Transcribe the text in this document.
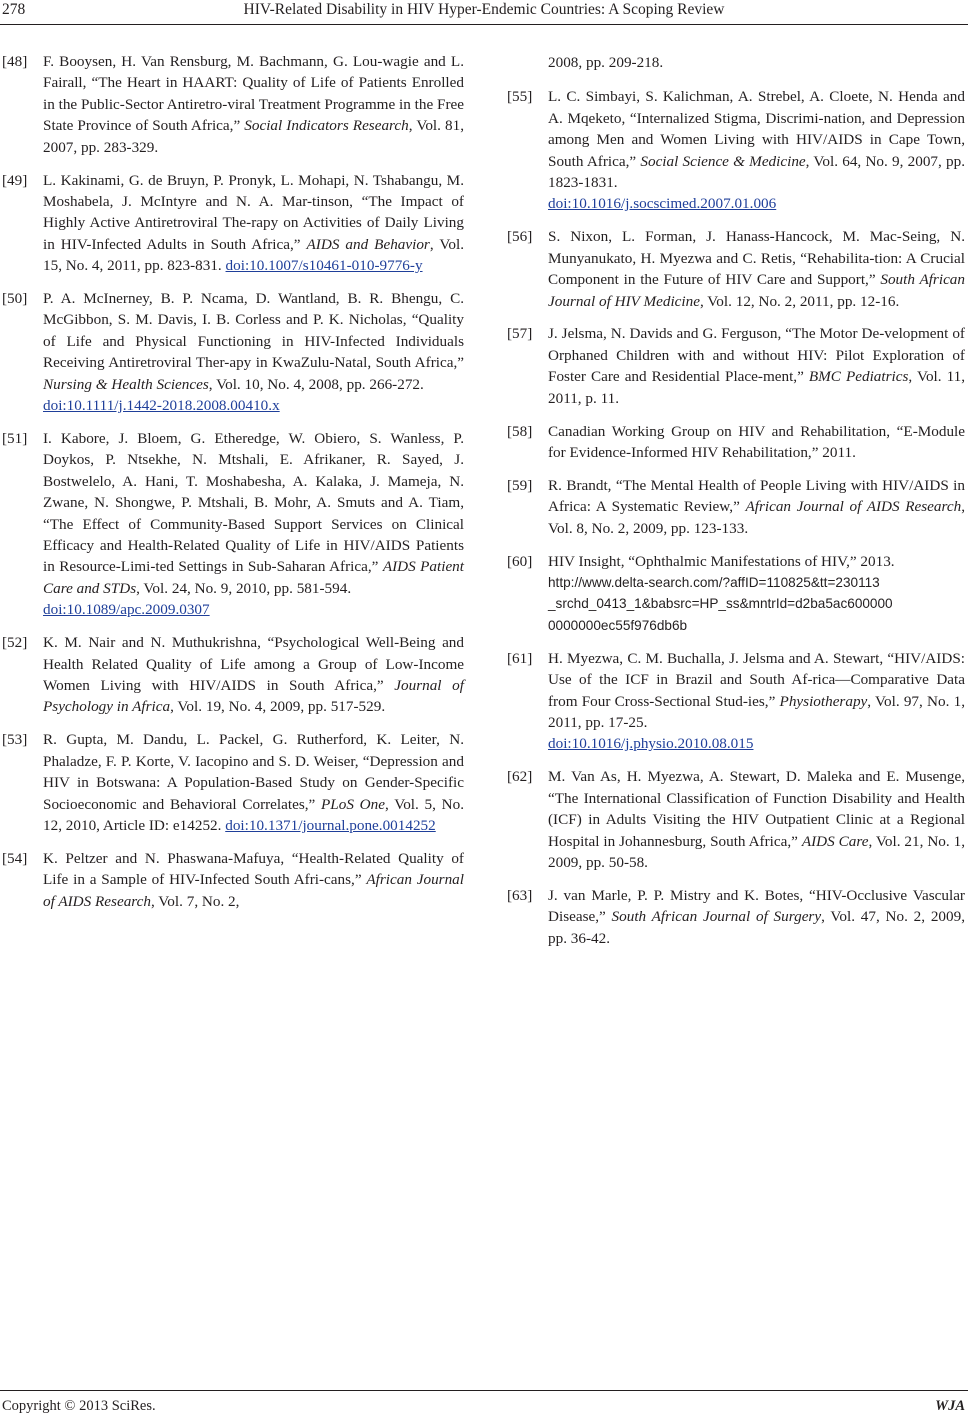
278	HIV-Related Disability in HIV Hyper-Endemic Countries: A Scoping Review
[48] F. Booysen, H. Van Rensburg, M. Bachmann, G. Lou-wagie and L. Fairall, “The Heart in HAART: Quality of Life of Patients Enrolled in the Public-Sector Antiretro-viral Treatment Programme in the Free State Province of South Africa,” Social Indicators Research, Vol. 81, 2007, pp. 283-329.
[49] L. Kakinami, G. de Bruyn, P. Pronyk, L. Mohapi, N. Tshabangu, M. Moshabela, J. McIntyre and N. A. Mar-tinson, “The Impact of Highly Active Antiretroviral The-rapy on Activities of Daily Living in HIV-Infected Adults in South Africa,” AIDS and Behavior, Vol. 15, No. 4, 2011, pp. 823-831. doi:10.1007/s10461-010-9776-y
[50] P. A. McInerney, B. P. Ncama, D. Wantland, B. R. Bhengu, C. McGibbon, S. M. Davis, I. B. Corless and P. K. Nicholas, “Quality of Life and Physical Functioning in HIV-Infected Individuals Receiving Antiretroviral Ther-apy in KwaZulu-Natal, South Africa,” Nursing & Health Sciences, Vol. 10, No. 4, 2008, pp. 266-272.
doi:10.1111/j.1442-2018.2008.00410.x
[51] I. Kabore, J. Bloem, G. Etheredge, W. Obiero, S. Wanless, P. Doykos, P. Ntsekhe, N. Mtshali, E. Afrikaner, R. Sayed, J. Bostwelelo, A. Hani, T. Moshabesha, A. Kalaka, J. Mameja, N. Zwane, N. Shongwe, P. Mtshali, B. Mohr, A. Smuts and A. Tiam, “The Effect of Community-Based Support Services on Clinical Efficacy and Health-Related Quality of Life in HIV/AIDS Patients in Resource-Limi-ted Settings in Sub-Saharan Africa,” AIDS Patient Care and STDs, Vol. 24, No. 9, 2010, pp. 581-594.
doi:10.1089/apc.2009.0307
[52] K. M. Nair and N. Muthukrishna, “Psychological Well-Being and Health Related Quality of Life among a Group of Low-Income Women Living with HIV/AIDS in South Africa,” Journal of Psychology in Africa, Vol. 19, No. 4, 2009, pp. 517-529.
[53] R. Gupta, M. Dandu, L. Packel, G. Rutherford, K. Leiter, N. Phaladze, F. P. Korte, V. Iacopino and S. D. Weiser, “Depression and HIV in Botswana: A Population-Based Study on Gender-Specific Socioeconomic and Behavioral Correlates,” PLoS One, Vol. 5, No. 12, 2010, Article ID: e14252. doi:10.1371/journal.pone.0014252
[54] K. Peltzer and N. Phaswana-Mafuya, “Health-Related Quality of Life in a Sample of HIV-Infected South Afri-cans,” African Journal of AIDS Research, Vol. 7, No. 2,
2008, pp. 209-218.
[55] L. C. Simbayi, S. Kalichman, A. Strebel, A. Cloete, N. Henda and A. Mqeketo, “Internalized Stigma, Discrimi-nation, and Depression among Men and Women Living with HIV/AIDS in Cape Town, South Africa,” Social Science & Medicine, Vol. 64, No. 9, 2007, pp. 1823-1831.
doi:10.1016/j.socscimed.2007.01.006
[56] S. Nixon, L. Forman, J. Hanass-Hancock, M. Mac-Seing, N. Munyanukato, H. Myezwa and C. Retis, “Rehabilita-tion: A Crucial Component in the Future of HIV Care and Support,” South African Journal of HIV Medicine, Vol. 12, No. 2, 2011, pp. 12-16.
[57] J. Jelsma, N. Davids and G. Ferguson, “The Motor De-velopment of Orphaned Children with and without HIV: Pilot Exploration of Foster Care and Residential Place-ment,” BMC Pediatrics, Vol. 11, 2011, p. 11.
[58] Canadian Working Group on HIV and Rehabilitation, “E-Module for Evidence-Informed HIV Rehabilitation,” 2011.
[59] R. Brandt, “The Mental Health of People Living with HIV/AIDS in Africa: A Systematic Review,” African Journal of AIDS Research, Vol. 8, No. 2, 2009, pp. 123-133.
[60] HIV Insight, “Ophthalmic Manifestations of HIV,” 2013.
http://www.delta-search.com/?affID=110825&tt=230113
_srchd_0413_1&babsrc=HP_ss&mntrId=d2ba5ac600000
0000000ec55f976db6b
[61] H. Myezwa, C. M. Buchalla, J. Jelsma and A. Stewart, “HIV/AIDS: Use of the ICF in Brazil and South Af-rica—Comparative Data from Four Cross-Sectional Stud-ies,” Physiotherapy, Vol. 97, No. 1, 2011, pp. 17-25.
doi:10.1016/j.physio.2010.08.015
[62] M. Van As, H. Myezwa, A. Stewart, D. Maleka and E. Musenge, “The International Classification of Function Disability and Health (ICF) in Adults Visiting the HIV Outpatient Clinic at a Regional Hospital in Johannesburg, South Africa,” AIDS Care, Vol. 21, No. 1, 2009, pp. 50-58.
[63] J. van Marle, P. P. Mistry and K. Botes, “HIV-Occlusive Vascular Disease,” South African Journal of Surgery, Vol. 47, No. 2, 2009, pp. 36-42.
Copyright © 2013 SciRes.	WJA
